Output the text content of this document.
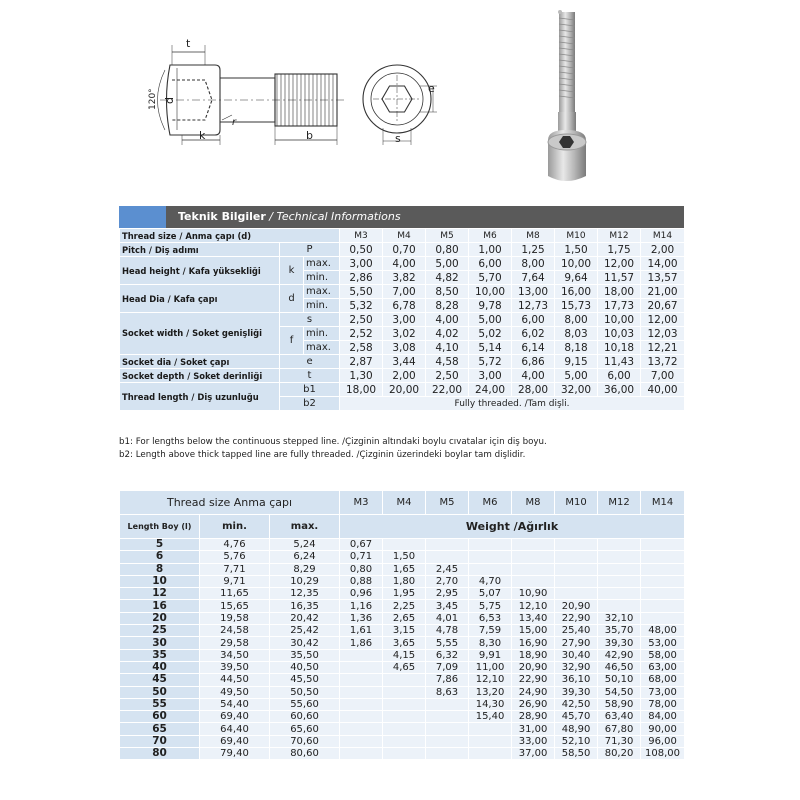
t
120° d
k
r
b
e
s
Teknik Bilgiler / Technical Informations
Thread size / Anma çapı (d)			M3	M4	M5	M6	M8	M10	M12	M14
Pitch / Diş adımı	P		0,50	0,70	0,80	1,00	1,25	1,50	1,75	2,00
Head height / Kafa yüksekliği	k	max.	3,00	4,00	5,00	6,00	8,00	10,00	12,00	14,00
		min.	2,86	3,82	4,82	5,70	7,64	9,64	11,57	13,57
Head Dia / Kafa çapı	d	max.	5,50	7,00	8,50	10,00	13,00	16,00	18,00	21,00
		min.	5,32	6,78	8,28	9,78	12,73	15,73	17,73	20,67
Socket width / Soket genişliği	s		2,50	3,00	4,00	5,00	6,00	8,00	10,00	12,00
	f	min.	2,52	3,02	4,02	5,02	6,02	8,03	10,03	12,03
		max.	2,58	3,08	4,10	5,14	6,14	8,18	10,18	12,21
Socket dia / Soket çapı	e		2,87	3,44	4,58	5,72	6,86	9,15	11,43	13,72
Socket depth / Soket derinliği	t		1,30	2,00	2,50	3,00	4,00	5,00	6,00	7,00
Thread length / Diş uzunluğu	b1		18,00	20,00	22,00	24,00	28,00	32,00	36,00	40,00
	b2		Fully threaded. /Tam dişli.							
b1: For lengths below the continuous stepped line. /Çizginin altındaki boylu cıvatalar için diş boyu.
b2: Length above thick tapped line are fully threaded. /Çizginin üzerindeki boylar tam dişlidir.
Thread size Anma çapı			M3	M4	M5	M6	M8	M10	M12	M14
Length Boy (l)	min.	max.	Weight /Ağırlık							
5	4,76	5,24	0,67							
6	5,76	6,24	0,71	1,50						
8	7,71	8,29	0,80	1,65	2,45					
10	9,71	10,29	0,88	1,80	2,70	4,70				
12	11,65	12,35	0,96	1,95	2,95	5,07	10,90			
16	15,65	16,35	1,16	2,25	3,45	5,75	12,10	20,90		
20	19,58	20,42	1,36	2,65	4,01	6,53	13,40	22,90	32,10	
25	24,58	25,42	1,61	3,15	4,78	7,59	15,00	25,40	35,70	48,00
30	29,58	30,42	1,86	3,65	5,55	8,30	16,90	27,90	39,30	53,00
35	34,50	35,50		4,15	6,32	9,91	18,90	30,40	42,90	58,00
40	39,50	40,50		4,65	7,09	11,00	20,90	32,90	46,50	63,00
45	44,50	45,50			7,86	12,10	22,90	36,10	50,10	68,00
50	49,50	50,50			8,63	13,20	24,90	39,30	54,50	73,00
55	54,40	55,60				14,30	26,90	42,50	58,90	78,00
60	69,40	60,60				15,40	28,90	45,70	63,40	84,00
65	64,40	65,60					31,00	48,90	67,80	90,00
70	69,40	70,60					33,00	52,10	71,30	96,00
80	79,40	80,60					37,00	58,50	80,20	108,00
